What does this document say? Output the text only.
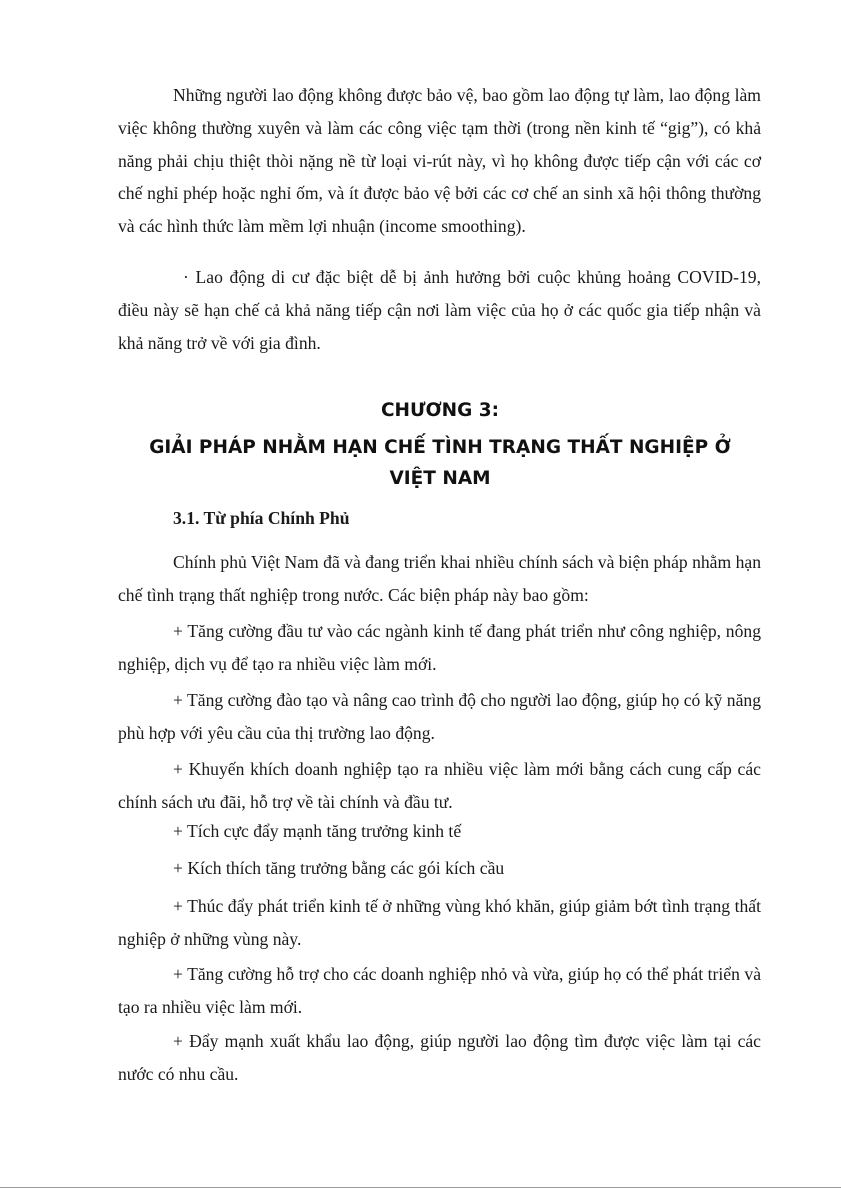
Những người lao động không được bảo vệ, bao gồm lao động tự làm, lao động làm việc không thường xuyên và làm các công việc tạm thời (trong nền kinh tế “gig”), có khả năng phải chịu thiệt thòi nặng nề từ loại vi-rút này, vì họ không được tiếp cận với các cơ chế nghỉ phép hoặc nghỉ ốm, và ít được bảo vệ bởi các cơ chế an sinh xã hội thông thường và các hình thức làm mềm lợi nhuận (income smoothing).

· Lao động di cư đặc biệt dễ bị ảnh hưởng bởi cuộc khủng hoảng COVID-19, điều này sẽ hạn chế cả khả năng tiếp cận nơi làm việc của họ ở các quốc gia tiếp nhận và khả năng trở về với gia đình.

CHƯƠNG 3:
GIẢI PHÁP NHẰM HẠN CHẾ TÌNH TRẠNG THẤT NGHIỆP Ở
VIỆT NAM
3.1. Từ phía Chính Phủ

Chính phủ Việt Nam đã và đang triển khai nhiều chính sách và biện pháp nhằm hạn chế tình trạng thất nghiệp trong nước. Các biện pháp này bao gồm:

+ Tăng cường đầu tư vào các ngành kinh tế đang phát triển như công nghiệp, nông nghiệp, dịch vụ để tạo ra nhiều việc làm mới.

+ Tăng cường đào tạo và nâng cao trình độ cho người lao động, giúp họ có kỹ năng phù hợp với yêu cầu của thị trường lao động.

+ Khuyến khích doanh nghiệp tạo ra nhiều việc làm mới bằng cách cung cấp các chính sách ưu đãi, hỗ trợ về tài chính và đầu tư.

+ Tích cực đẩy mạnh tăng trưởng kinh tế

+ Kích thích tăng trưởng bằng các gói kích cầu

+ Thúc đẩy phát triển kinh tế ở những vùng khó khăn, giúp giảm bớt tình trạng thất nghiệp ở những vùng này.

+ Tăng cường hỗ trợ cho các doanh nghiệp nhỏ và vừa, giúp họ có thể phát triển và tạo ra nhiều việc làm mới.

+ Đẩy mạnh xuất khẩu lao động, giúp người lao động tìm được việc làm tại các nước có nhu cầu.
